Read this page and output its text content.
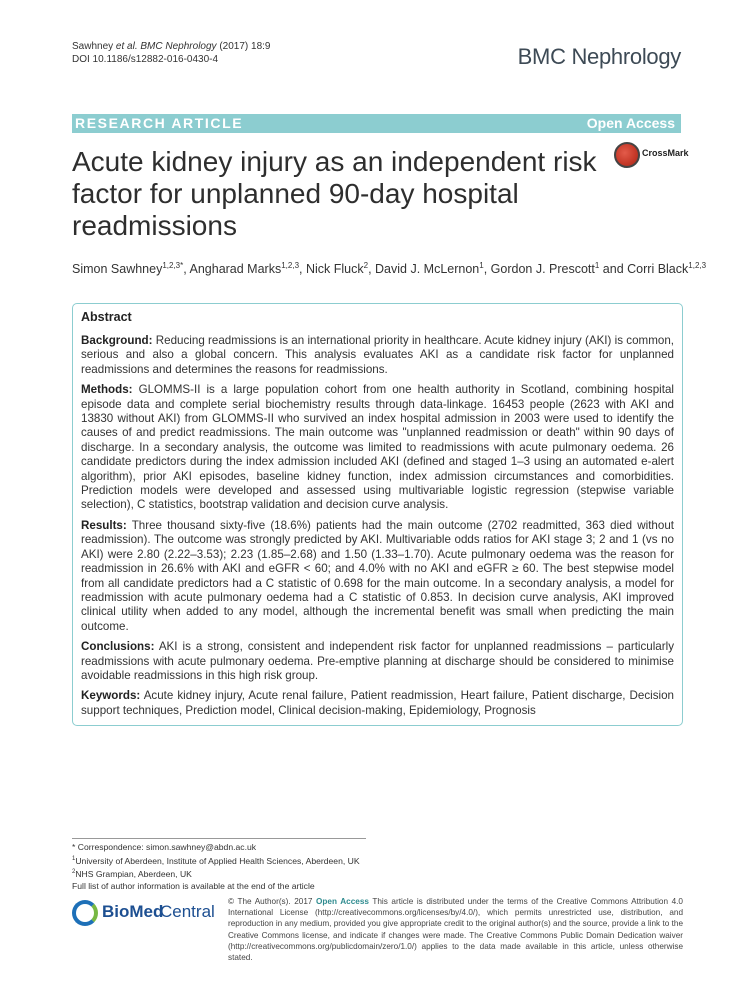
Sawhney et al. BMC Nephrology (2017) 18:9
DOI 10.1186/s12882-016-0430-4	BMC Nephrology
RESEARCH ARTICLE	Open Access
Acute kidney injury as an independent risk factor for unplanned 90-day hospital readmissions
CrossMark
Simon Sawhney$^{1,2,3*}$, Angharad Marks$^{1,2,3}$, Nick Fluck$^2$, David J. McLernon$^1$, Gordon J. Prescott$^1$ and Corri Black$^{1,2,3}$
Abstract

Background: Reducing readmissions is an international priority in healthcare. Acute kidney injury (AKI) is common, serious and also a global concern. This analysis evaluates AKI as a candidate risk factor for unplanned readmissions and determines the reasons for readmissions.

Methods: GLOMMS-II is a large population cohort from one health authority in Scotland, combining hospital episode data and complete serial biochemistry results through data-linkage. 16453 people (2623 with AKI and 13830 without AKI) from GLOMMS-II who survived an index hospital admission in 2003 were used to identify the causes of and predict readmissions. The main outcome was "unplanned readmission or death" within 90 days of discharge. In a secondary analysis, the outcome was limited to readmissions with acute pulmonary oedema. 26 candidate predictors during the index admission included AKI (defined and staged 1–3 using an automated e-alert algorithm), prior AKI episodes, baseline kidney function, index admission circumstances and comorbidities. Prediction models were developed and assessed using multivariable logistic regression (stepwise variable selection), C statistics, bootstrap validation and decision curve analysis.

Results: Three thousand sixty-five (18.6%) patients had the main outcome (2702 readmitted, 363 died without readmission). The outcome was strongly predicted by AKI. Multivariable odds ratios for AKI stage 3; 2 and 1 (vs no AKI) were 2.80 (2.22–3.53); 2.23 (1.85–2.68) and 1.50 (1.33–1.70). Acute pulmonary oedema was the reason for readmission in 26.6% with AKI and eGFR < 60; and 4.0% with no AKI and eGFR ≥ 60. The best stepwise model from all candidate predictors had a C statistic of 0.698 for the main outcome. In a secondary analysis, a model for readmission with acute pulmonary oedema had a C statistic of 0.853. In decision curve analysis, AKI improved clinical utility when added to any model, although the incremental benefit was small when predicting the main outcome.

Conclusions: AKI is a strong, consistent and independent risk factor for unplanned readmissions – particularly readmissions with acute pulmonary oedema. Pre-emptive planning at discharge should be considered to minimise avoidable readmissions in this high risk group.

Keywords: Acute kidney injury, Acute renal failure, Patient readmission, Heart failure, Patient discharge, Decision support techniques, Prediction model, Clinical decision-making, Epidemiology, Prognosis

* Correspondence: simon.sawhney@abdn.ac.uk
$^1$University of Aberdeen, Institute of Applied Health Sciences, Aberdeen, UK
$^2$NHS Grampian, Aberdeen, UK
Full list of author information is available at the end of the article
BioMed
Central
© The Author(s). 2017 Open Access This article is distributed under the terms of the Creative Commons Attribution 4.0 International License (http://creativecommons.org/licenses/by/4.0/), which permits unrestricted use, distribution, and reproduction in any medium, provided you give appropriate credit to the original author(s) and the source, provide a link to the Creative Commons license, and indicate if changes were made. The Creative Commons Public Domain Dedication waiver (http://creativecommons.org/publicdomain/zero/1.0/) applies to the data made available in this article, unless otherwise stated.
